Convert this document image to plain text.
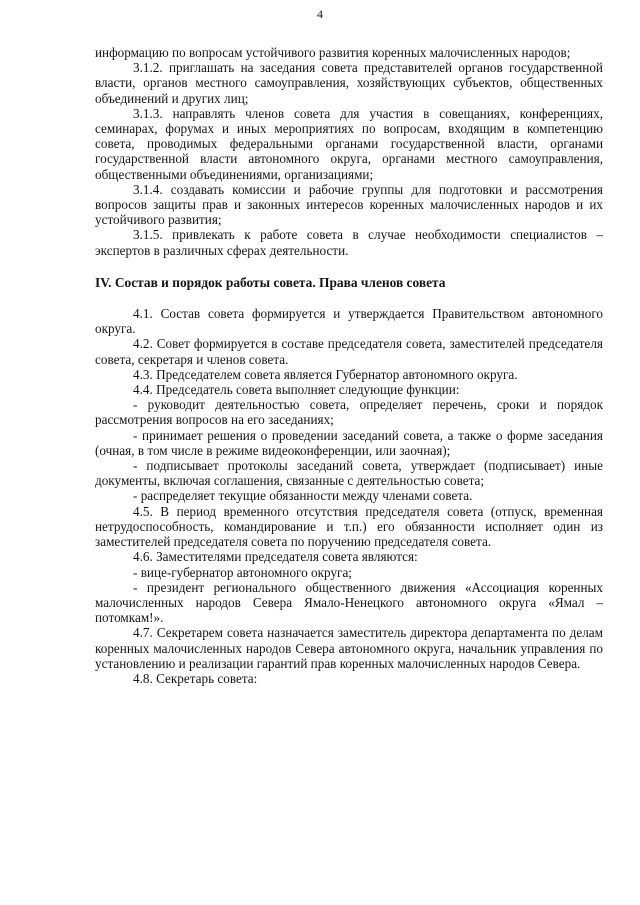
4

информацию по вопросам устойчивого развития коренных малочисленных народов;

3.1.2. приглашать на заседания совета представителей органов государственной власти, органов местного самоуправления, хозяйствующих субъектов, общественных объединений и других лиц;

3.1.3. направлять членов совета для участия в совещаниях, конференциях, семинарах, форумах и иных мероприятиях по вопросам, входящим в компетенцию совета, проводимых федеральными органами государственной власти, органами государственной власти автономного округа, органами местного самоуправления, общественными объединениями, организациями;

3.1.4. создавать комиссии и рабочие группы для подготовки и рассмотрения вопросов защиты прав и законных интересов коренных малочисленных народов и их устойчивого развития;

3.1.5. привлекать к работе совета в случае необходимости специалистов – экспертов в различных сферах деятельности.

IV. Состав и порядок работы совета. Права членов совета

4.1. Состав совета формируется и утверждается Правительством автономного округа.

4.2. Совет формируется в составе председателя совета, заместителей председателя совета, секретаря и членов совета.

4.3. Председателем совета является Губернатор автономного округа.

4.4. Председатель совета выполняет следующие функции:

- руководит деятельностью совета, определяет перечень, сроки и порядок рассмотрения вопросов на его заседаниях;

- принимает решения о проведении заседаний совета, а также о форме заседания (очная, в том числе в режиме видеоконференции, или заочная);

- подписывает протоколы заседаний совета, утверждает (подписывает) иные документы, включая соглашения, связанные с деятельностью совета;

- распределяет текущие обязанности между членами совета.

4.5. В период временного отсутствия председателя совета (отпуск, временная нетрудоспособность, командирование и т.п.) его обязанности исполняет один из заместителей председателя совета по поручению председателя совета.

4.6. Заместителями председателя совета являются:

- вице-губернатор автономного округа;

- президент регионального общественного движения «Ассоциация коренных малочисленных народов Севера Ямало-Ненецкого автономного округа «Ямал – потомкам!».

4.7. Секретарем совета назначается заместитель директора департамента по делам коренных малочисленных народов Севера автономного округа, начальник управления по установлению и реализации гарантий прав коренных малочисленных народов Севера.

4.8. Секретарь совета:
